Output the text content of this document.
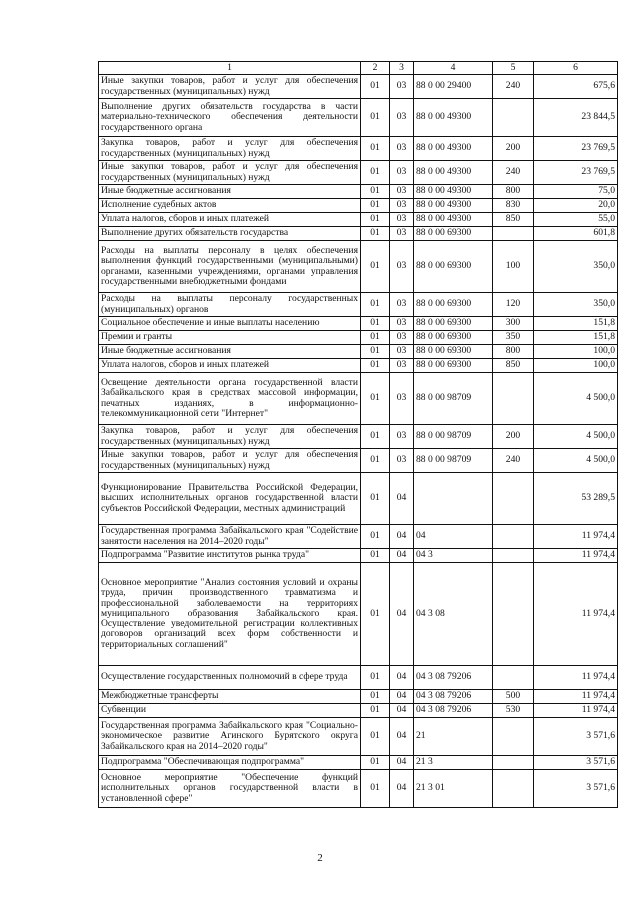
1	2	3	4	5	6
Иные закупки товаров, работ и услуг для обеспечения государственных (муниципальных) нужд	01	03	88 0 00 29400	240	675,6
Выполнение других обязательств государства в части материально-технического обеспечения деятельности государственного органа	01	03	88 0 00 49300		23 844,5
Закупка товаров, работ и услуг для обеспечения государственных (муниципальных) нужд	01	03	88 0 00 49300	200	23 769,5
Иные закупки товаров, работ и услуг для обеспечения государственных (муниципальных) нужд	01	03	88 0 00 49300	240	23 769,5
Иные бюджетные ассигнования	01	03	88 0 00 49300	800	75,0
Исполнение судебных актов	01	03	88 0 00 49300	830	20,0
Уплата налогов, сборов и иных платежей	01	03	88 0 00 49300	850	55,0
Выполнение других обязательств государства	01	03	88 0 00 69300		601,8
Расходы на выплаты персоналу в целях обеспечения выполнения функций государственными (муниципальными) органами, казенными учреждениями, органами управления государственными внебюджетными фондами	01	03	88 0 00 69300	100	350,0
Расходы на выплаты персоналу государственных (муниципальных) органов	01	03	88 0 00 69300	120	350,0
Социальное обеспечение и иные выплаты населению	01	03	88 0 00 69300	300	151,8
Премии и гранты	01	03	88 0 00 69300	350	151,8
Иные бюджетные ассигнования	01	03	88 0 00 69300	800	100,0
Уплата налогов, сборов и иных платежей	01	03	88 0 00 69300	850	100,0
Освещение деятельности органа государственной власти Забайкальского края в средствах массовой информации, печатных изданиях, в информационно-телекоммуникационной сети "Интернет"	01	03	88 0 00 98709		4 500,0
Закупка товаров, работ и услуг для обеспечения государственных (муниципальных) нужд	01	03	88 0 00 98709	200	4 500,0
Иные закупки товаров, работ и услуг для обеспечения государственных (муниципальных) нужд	01	03	88 0 00 98709	240	4 500,0
Функционирование Правительства Российской Федерации, высших исполнительных органов государственной власти субъектов Российской Федерации, местных администраций	01	04			53 289,5
Государственная программа Забайкальского края "Содействие занятости населения на 2014–2020 годы"	01	04	04		11 974,4
Подпрограмма "Развитие институтов рынка труда"	01	04	04 3		11 974,4
Основное мероприятие "Анализ состояния условий и охраны труда, причин производственного травматизма и профессиональной заболеваемости на территориях муниципального образования Забайкальского края. Осуществление уведомительной регистрации коллективных договоров организаций всех форм собственности и территориальных соглашений"	01	04	04 3 08		11 974,4
Осуществление государственных полномочий в сфере труда	01	04	04 3 08 79206		11 974,4
Межбюджетные трансферты	01	04	04 3 08 79206	500	11 974,4
Субвенции	01	04	04 3 08 79206	530	11 974,4
Государственная программа Забайкальского края "Социально-экономическое развитие Агинского Бурятского округа Забайкальского края на 2014–2020 годы"	01	04	21		3 571,6
Подпрограмма "Обеспечивающая подпрограмма"	01	04	21 3		3 571,6
Основное мероприятие "Обеспечение функций исполнительных органов государственной власти в установленной сфере"	01	04	21 3 01		3 571,6
2
